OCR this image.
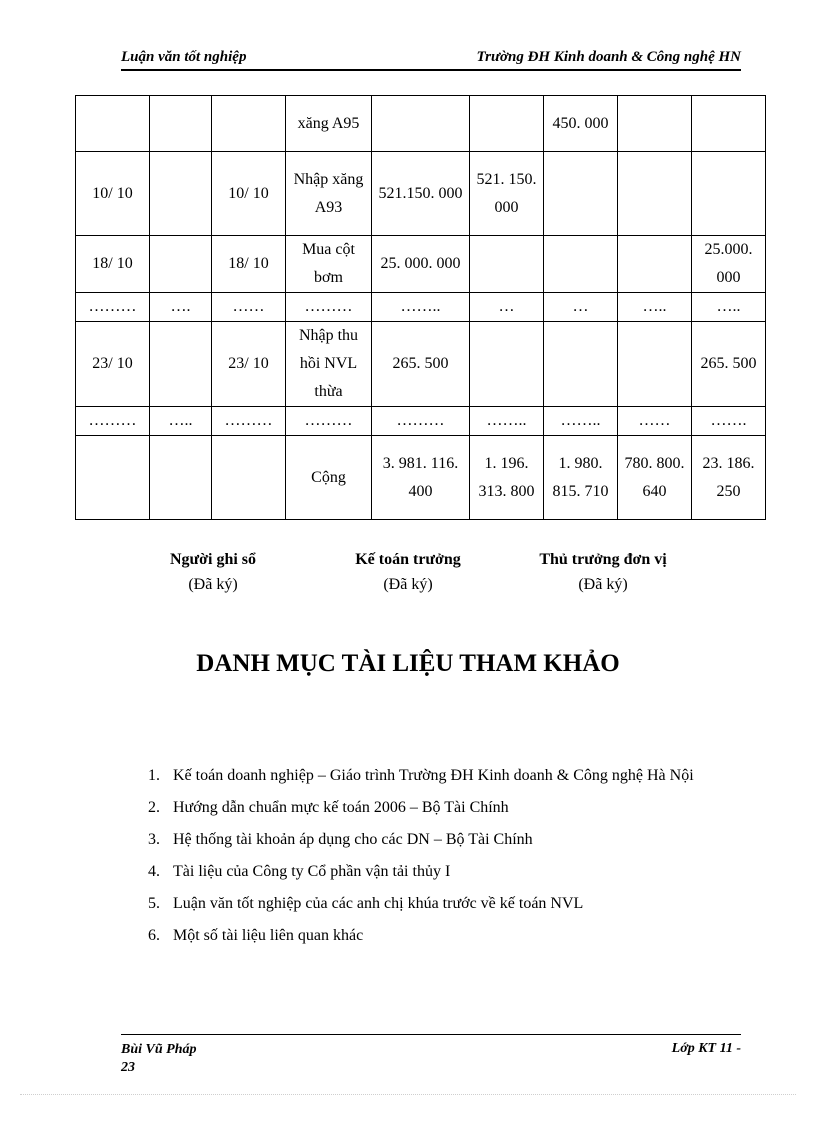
Luận văn tốt nghiệp	Trường ĐH Kinh doanh & Công nghệ HN
			xăng A95			450. 000		
10/ 10		10/ 10	Nhập xăng A93	521.150. 000	521. 150. 000			
18/ 10		18/ 10	Mua cột bơm	25. 000. 000				25.000. 000
………	….	……	………	……..	…	…	…..	…..
23/ 10		23/ 10	Nhập thu hồi NVL thừa	265. 500				265. 500
………	…..	………	………	………	……..	……..	……	…….
			Cộng	3. 981. 116. 400	1. 196. 313. 800	1. 980. 815. 710	780. 800. 640	23. 186. 250
Người ghi sổ
(Đã ký)
Kế toán trưởng
(Đã ký)
Thủ trưởng đơn vị
(Đã ký)
DANH MỤC TÀI LIỆU THAM KHẢO
1. Kế toán doanh nghiệp – Giáo trình Trường ĐH Kinh doanh & Công nghệ Hà Nội
2. Hướng dẫn chuẩn mực kế toán 2006 – Bộ Tài Chính
3. Hệ thống tài khoản áp dụng cho các DN – Bộ Tài Chính
4. Tài liệu của Công ty Cổ phần vận tải thủy I
5. Luận văn tốt nghiệp của các anh chị khúa trước về kế toán NVL
6. Một số tài liệu liên quan khác
Bùi Vũ Pháp
23
Lớp KT 11 -
